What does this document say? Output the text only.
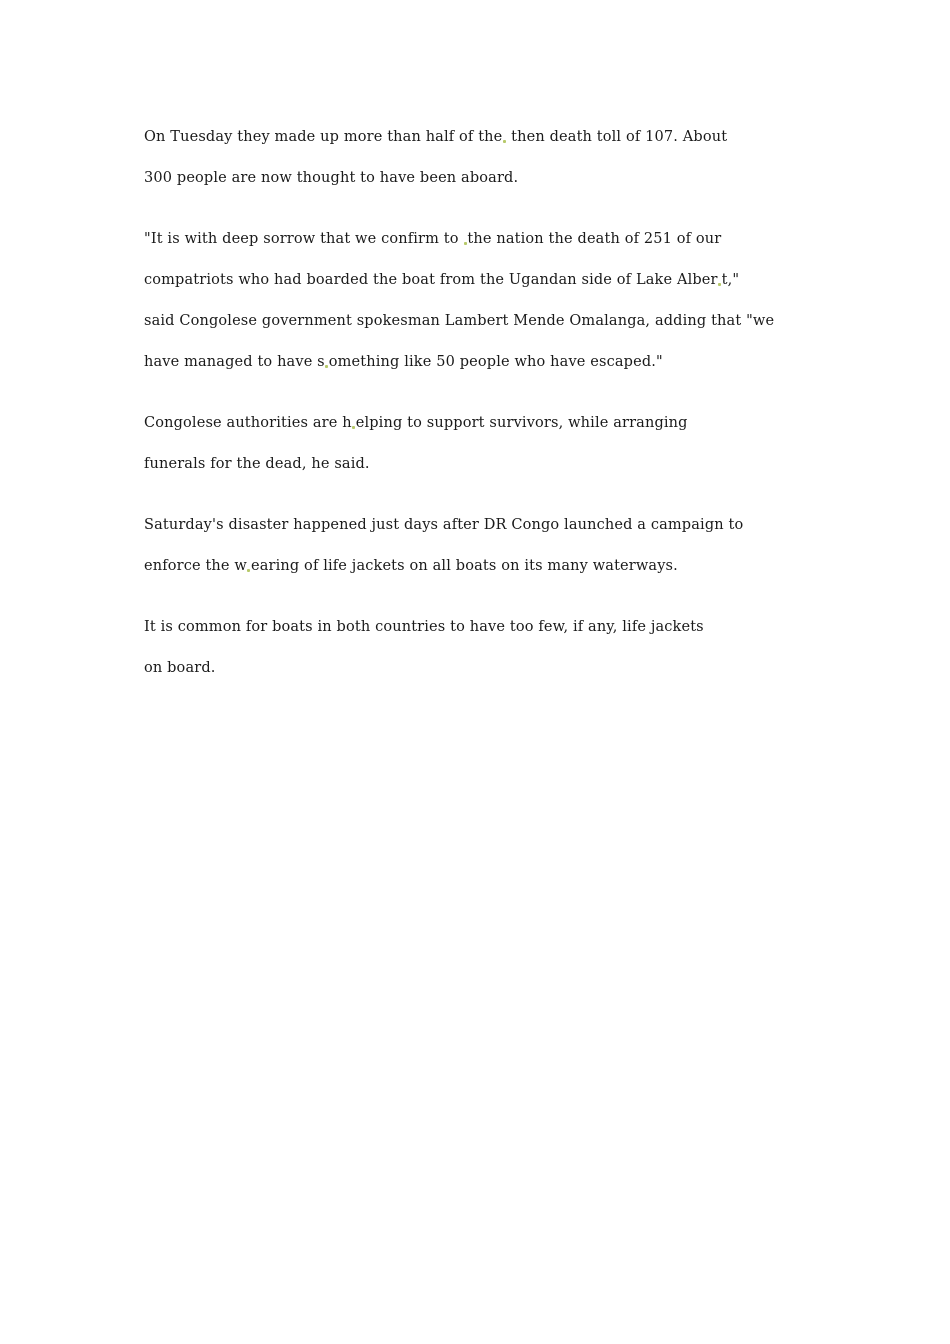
On Tuesday they made up more than half of the then death toll of 107. About
300 people are now thought to have been aboard.

"It is with deep sorrow that we confirm to the nation the death of 251 of our
compatriots who had boarded the boat from the Ugandan side of Lake Alber t,"
said Congolese government spokesman Lambert Mende Omalanga, adding that "we
have managed to have s omething like 50 people who have escaped."

Congolese authorities are h elping to support survivors, while arranging
funerals for the dead, he said.

Saturday's disaster happened just days after DR Congo launched a campaign to
enforce the w earing of life jackets on all boats on its many waterways.

It is common for boats in both countries to have too few, if any, life jackets
on board.
